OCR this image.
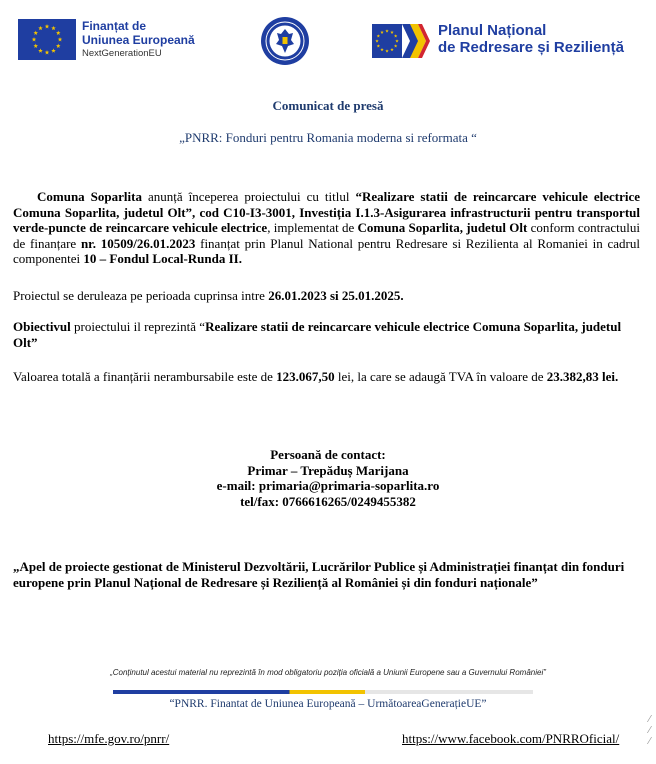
Finanțat de
Uniunea Europeană
NextGenerationEU
Planul Național
de Redresare și Reziliență
Comunicat de presă
„PNRR: Fonduri pentru Romania moderna si reformata “

Comuna Soparlita anunță începerea proiectului cu titlul “Realizare statii de reincarcare vehicule electrice Comuna Soparlita, judetul Olt”, cod C10-I3-3001, Investiția I.1.3-Asigurarea infrastructurii pentru transportul verde-puncte de reincarcare vehicule electrice, implementat de Comuna Soparlita, judetul Olt conform contractului de finanțare nr. 10509/26.01.2023 finanțat prin Planul National pentru Redresare si Rezilienta al Romaniei in cadrul componentei 10 – Fondul Local-Runda II.

Proiectul se deruleaza pe perioada cuprinsa intre 26.01.2023 si 25.01.2025.

Obiectivul proiectului il reprezintă “Realizare statii de reincarcare vehicule electrice Comuna Soparlita, judetul Olt”

Valoarea totală a finanțării nerambursabile este de 123.067,50 lei, la care se adaugă TVA în valoare de 23.382,83 lei.

Persoană de contact:
Primar – Trepăduș Marijana
e-mail: primaria@primaria-soparlita.ro
tel/fax: 0766616265/0249455382

„Apel de proiecte gestionat de Ministerul Dezvoltării, Lucrărilor Publice și Administrației finanțat din fonduri europene prin Planul Național de Redresare și Reziliență al României și din fonduri naționale”

„Conținutul acestui material nu reprezintă în mod obligatoriu poziția oficială a Uniunii Europene sau a Guvernului României”
“PNRR. Finantat de Uniunea Europeană – UrmătoareaGenerațieUE”
https://mfe.gov.ro/pnrr/	https://www.facebook.com/PNRROficial/
⁄
⁄
⁄
